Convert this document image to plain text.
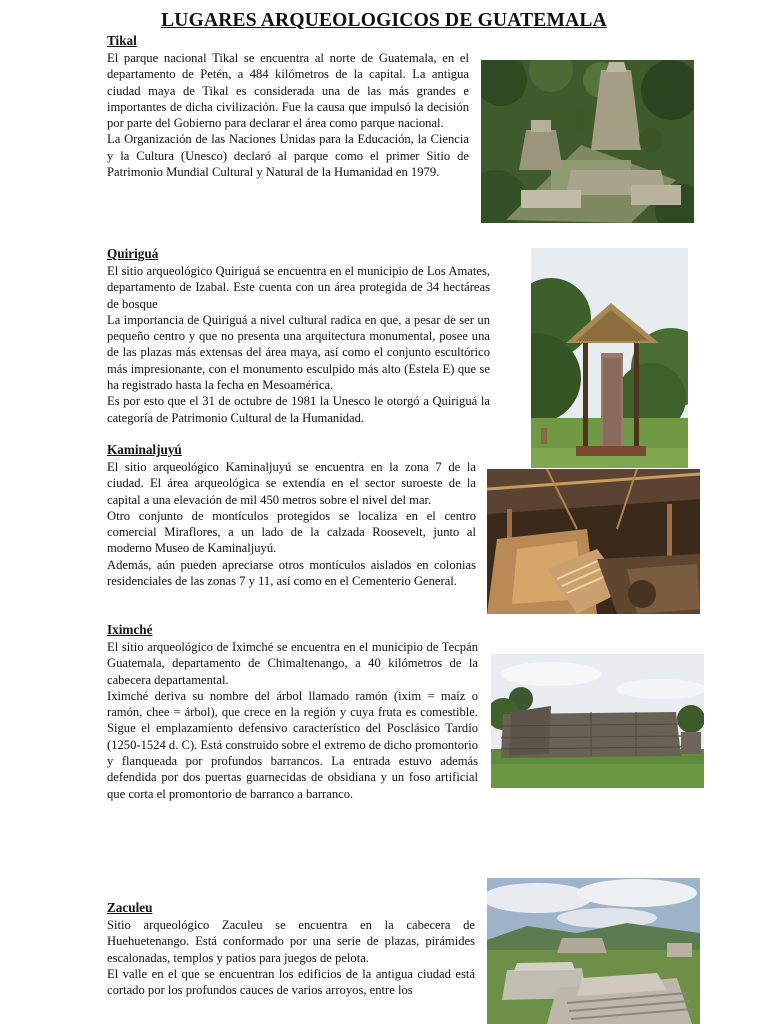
LUGARES ARQUEOLOGICOS DE GUATEMALA
Tikal

El parque nacional Tikal se encuentra al norte de Guatemala, en el departamento de Petén, a 484 kilómetros de la capital. La antigua ciudad maya de Tikal es considerada una de las más grandes e importantes de dicha civilización. Fue la causa que impulsó la decisión por parte del Gobierno para declarar el área como parque nacional.

La Organización de las Naciones Unidas para la Educación, la Ciencia y la Cultura (Unesco) declaró al parque como el primer Sitio de Patrimonio Mundial Cultural y Natural de la Humanidad en 1979.

Quiriguá

El sitio arqueológico Quiriguá se encuentra en el municipio de Los Amates, departamento de Izabal. Este cuenta con un área protegida de 34 hectáreas de bosque

La importancia de Quiriguá a nivel cultural radica en que, a pesar de ser un pequeño centro y que no presenta una arquitectura monumental, posee una de las plazas más extensas del área maya, así como el conjunto escultórico más impresionante, con el monumento esculpido más alto (Estela E) que se ha registrado hasta la fecha en Mesoamérica.

Es por esto que el 31 de octubre de 1981 la Unesco le otorgó a Quiriguá la categoría de Patrimonio Cultural de la Humanidad.

Kaminaljuyú

El sitio arqueológico Kaminaljuyú se encuentra en la zona 7 de la ciudad. El área arqueológica se extendía en el sector suroeste de la capital a una elevación de mil 450 metros sobre el nivel del mar.

Otro conjunto de montículos protegidos se localiza en el centro comercial Miraflores, a un lado de la calzada Roosevelt, junto al moderno Museo de Kaminaljuyú.

Además, aún pueden apreciarse otros montículos aislados en colonias residenciales de las zonas 7 y 11, así como en el Cementerio General.

Iximché

El sitio arqueológico de Iximché se encuentra en el municipio de Tecpán Guatemala, departamento de Chimaltenango, a 40 kilómetros de la cabecera departamental.

Iximché deriva su nombre del árbol llamado ramón (ixim = maíz o ramón, chee = árbol), que crece en la región y cuya fruta es comestible. Sigue el emplazamiento defensivo característico del Posclásico Tardío (1250-1524 d. C). Está construido sobre el extremo de dicho promontorio y flanqueada por profundos barrancos. La entrada estuvo además defendida por dos puertas guarnecidas de obsidiana y un foso artificial que corta el promontorio de barranco a barranco.

Zaculeu

Sitio arqueológico Zaculeu se encuentra en la cabecera de Huehuetenango. Está conformado por una serie de plazas, pirámides escalonadas, templos y patios para juegos de pelota.

El valle en el que se encuentran los edificios de la antigua ciudad está cortado por los profundos cauces de varios arroyos, entre los
